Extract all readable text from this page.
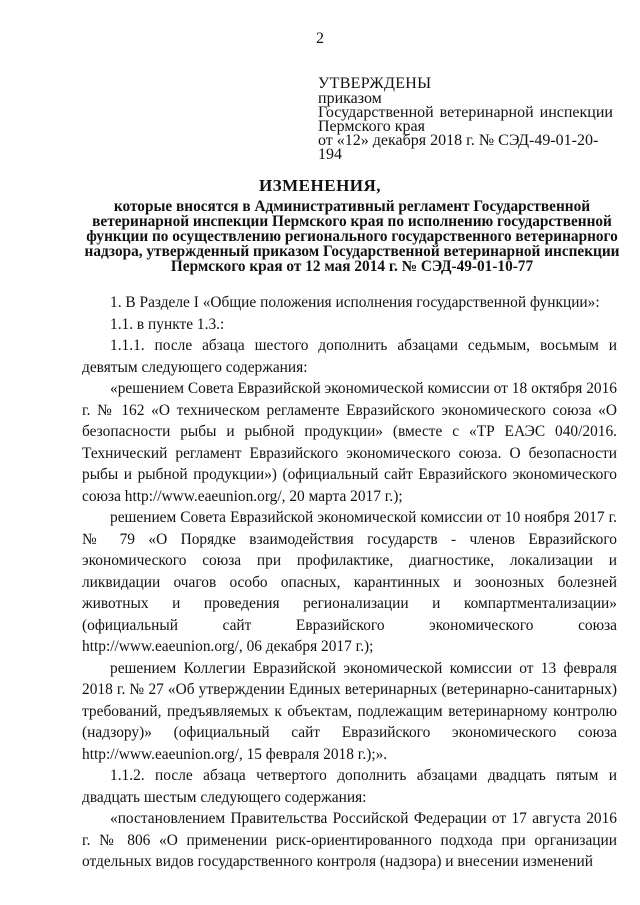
2
УТВЕРЖДЕНЫ
приказом
Государственной ветеринарной инспекции
Пермского края
от «12» декабря 2018 г. № СЭД-49-01-20-194
ИЗМЕНЕНИЯ,
которые вносятся в Административный регламент Государственной ветеринарной инспекции Пермского края по исполнению государственной функции по осуществлению регионального государственного ветеринарного надзора, утвержденный приказом Государственной ветеринарной инспекции Пермского края от 12 мая 2014 г. № СЭД-49-01-10-77

1. В Разделе I «Общие положения исполнения государственной функции»:

1.1. в пункте 1.3.:

1.1.1. после абзаца шестого дополнить абзацами седьмым, восьмым и девятым следующего содержания:

«решением Совета Евразийской экономической комиссии от 18 октября 2016 г. № 162 «О техническом регламенте Евразийского экономического союза «О безопасности рыбы и рыбной продукции» (вместе с «ТР ЕАЭС 040/2016. Технический регламент Евразийского экономического союза. О безопасности рыбы и рыбной продукции») (официальный сайт Евразийского экономического союза http://www.eaeunion.org/, 20 марта 2017 г.);

решением Совета Евразийской экономической комиссии от 10 ноября 2017 г. № 79 «О Порядке взаимодействия государств - членов Евразийского экономического союза при профилактике, диагностике, локализации и ликвидации очагов особо опасных, карантинных и зоонозных болезней животных и проведения регионализации и компартментализации» (официальный сайт Евразийского экономического союза http://www.eaeunion.org/, 06 декабря 2017 г.);

решением Коллегии Евразийской экономической комиссии от 13 февраля 2018 г. № 27 «Об утверждении Единых ветеринарных (ветеринарно-санитарных) требований, предъявляемых к объектам, подлежащим ветеринарному контролю (надзору)» (официальный сайт Евразийского экономического союза http://www.eaeunion.org/, 15 февраля 2018 г.);».

1.1.2. после абзаца четвертого дополнить абзацами двадцать пятым и двадцать шестым следующего содержания:

«постановлением Правительства Российской Федерации от 17 августа 2016 г. № 806 «О применении риск-ориентированного подхода при организации отдельных видов государственного контроля (надзора) и внесении изменений
